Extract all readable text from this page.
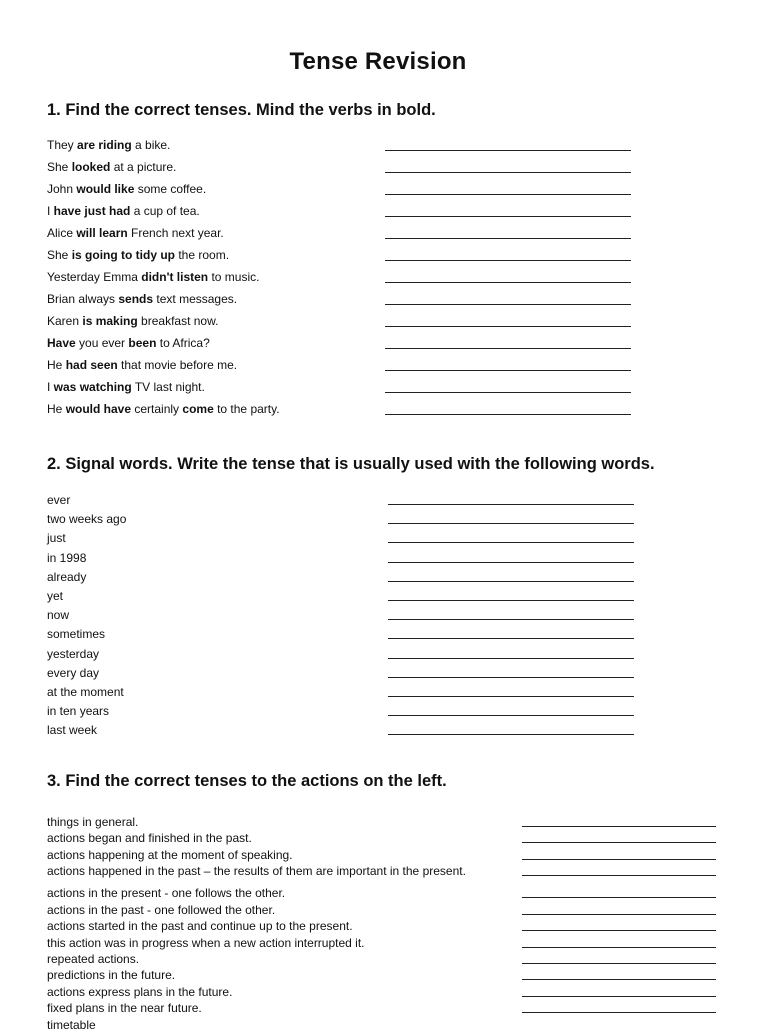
Tense Revision
1. Find the correct tenses. Mind the verbs in bold.
They are riding a bike.
She looked at a picture.
John would like some coffee.
I have just had a cup of tea.
Alice will learn French next year.
She is going to tidy up the room.
Yesterday Emma didn't listen to music.
Brian always sends text messages.
Karen is making breakfast now.
Have you ever been to Africa?
He had seen that movie before me.
I was watching TV last night.
He would have certainly come to the party.
2. Signal words. Write the tense that is usually used with the following words.
ever
two weeks ago
just
in 1998
already
yet
now
sometimes
yesterday
every day
at the moment
in ten years
last week
3. Find the correct tenses to the actions on the left.
things in general.
actions began and finished in the past.
actions happening at the moment of speaking.
actions happened in the past – the results of them are important in the present.
actions in the present - one follows the other.
actions in the past - one followed the other.
actions started in the past and continue up to the present.
this action was in progress when a new action interrupted it.
repeated actions.
predictions in the future.
actions express plans in the future.
fixed plans in the near future.
timetable
